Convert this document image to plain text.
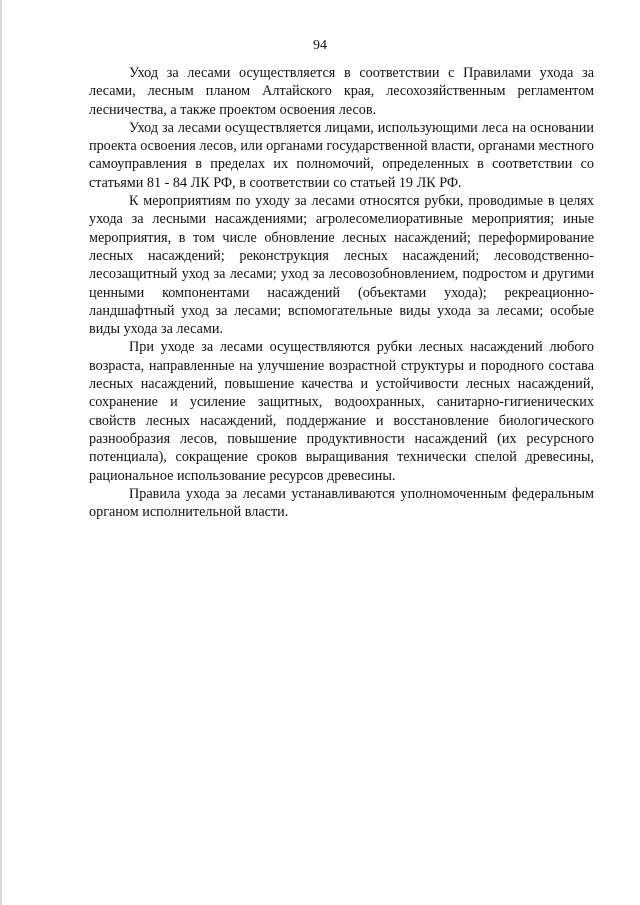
94

Уход за лесами осуществляется в соответствии с Правилами ухода за лесами, лесным планом Алтайского края, лесохозяйственным регламентом лесничества, а также проектом освоения лесов.

Уход за лесами осуществляется лицами, использующими леса на основании проекта освоения лесов, или органами государственной власти, органами местного самоуправления в пределах их полномочий, определенных в соответствии со статьями 81 - 84 ЛК РФ, в соответствии со статьей 19 ЛК РФ.

К мероприятиям по уходу за лесами относятся рубки, проводимые в целях ухода за лесными насаждениями; агролесомелиоративные мероприятия; иные мероприятия, в том числе обновление лесных насаждений; переформирование лесных насаждений; реконструкция лесных насаждений; лесоводственно-лесозащитный уход за лесами; уход за лесовозобновлением, подростом и другими ценными компонентами насаждений (объектами ухода); рекреационно-ландшафтный уход за лесами; вспомогательные виды ухода за лесами; особые виды ухода за лесами.

При уходе за лесами осуществляются рубки лесных насаждений любого возраста, направленные на улучшение возрастной структуры и породного состава лесных насаждений, повышение качества и устойчивости лесных насаждений, сохранение и усиление защитных, водоохранных, санитарно-гигиенических свойств лесных насаждений, поддержание и восстановление биологического разнообразия лесов, повышение продуктивности насаждений (их ресурсного потенциала), сокращение сроков выращивания технически спелой древесины, рациональное использование ресурсов древесины.

Правила ухода за лесами устанавливаются уполномоченным федеральным органом исполнительной власти.
